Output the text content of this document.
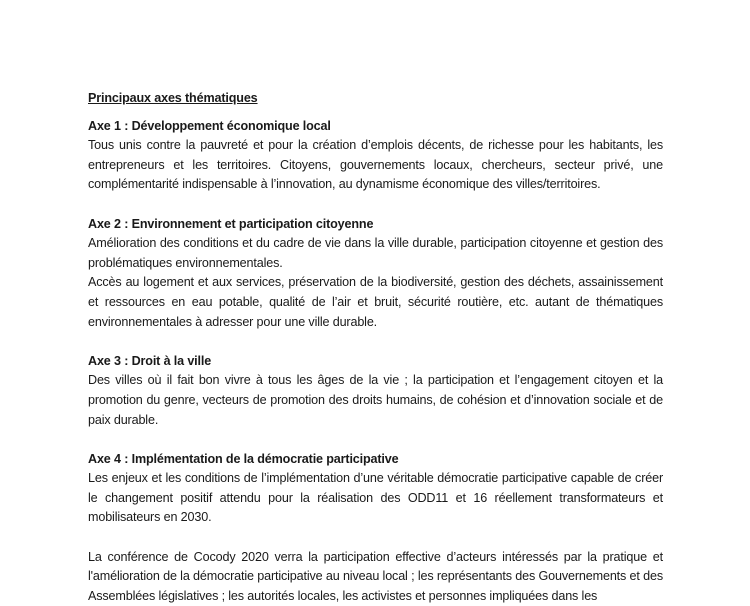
Principaux axes thématiques
Axe 1 : Développement économique local

Tous unis contre la pauvreté et pour la création d’emplois décents, de richesse pour les habitants, les entrepreneurs et les territoires. Citoyens, gouvernements locaux, chercheurs, secteur privé, une complémentarité indispensable à l’innovation, au dynamisme économique des villes/territoires.

Axe 2 : Environnement et participation citoyenne

Amélioration des conditions et du cadre de vie dans la ville durable, participation citoyenne et gestion des problématiques environnementales.

Accès au logement et aux services, préservation de la biodiversité, gestion des déchets, assainissement et ressources en eau potable, qualité de l’air et bruit, sécurité routière, etc. autant de thématiques environnementales à adresser pour une ville durable.

Axe 3 : Droit à la ville

Des villes où il fait bon vivre à tous les âges de la vie ; la participation et l’engagement citoyen et la promotion du genre, vecteurs de promotion des droits humains, de cohésion et d’innovation sociale et de paix durable.

Axe 4 : Implémentation de la démocratie participative

Les enjeux et les conditions de l’implémentation d’une véritable démocratie participative capable de créer le changement positif attendu pour la réalisation des ODD11 et 16 réellement transformateurs et mobilisateurs en 2030.

La conférence de Cocody 2020 verra la participation effective d’acteurs intéressés par la pratique et l'amélioration de la démocratie participative au niveau local ; les représentants des Gouvernements et des Assemblées législatives ; les autorités locales, les activistes et personnes impliquées dans les
